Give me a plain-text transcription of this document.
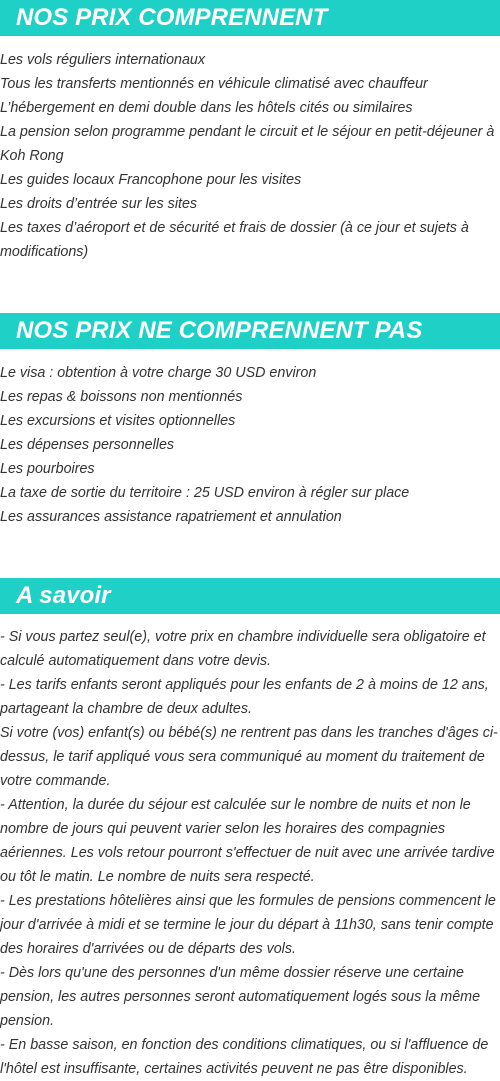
NOS PRIX COMPRENNENT

Les vols réguliers internationaux

Tous les transferts mentionnés en véhicule climatisé avec chauffeur

L’hébergement en demi double dans les hôtels cités ou similaires

La pension selon programme pendant le circuit et le séjour en petit-déjeuner à Koh Rong

Les guides locaux Francophone pour les visites

Les droits d’entrée sur les sites

Les taxes d’aéroport et de sécurité et frais de dossier (à ce jour et sujets à modifications)

NOS PRIX NE COMPRENNENT PAS

Le visa : obtention à votre charge 30 USD environ

Les repas & boissons non mentionnés

Les excursions et visites optionnelles

Les dépenses personnelles

Les pourboires

La taxe de sortie du territoire : 25 USD environ à régler sur place

Les assurances assistance rapatriement et annulation

A savoir

- Si vous partez seul(e), votre prix en chambre individuelle sera obligatoire et calculé automatiquement dans votre devis.

- Les tarifs enfants seront appliqués pour les enfants de 2 à moins de 12 ans, partageant la chambre de deux adultes.

Si votre (vos) enfant(s) ou bébé(s) ne rentrent pas dans les tranches d'âges ci-dessus, le tarif appliqué vous sera communiqué au moment du traitement de votre commande.

- Attention, la durée du séjour est calculée sur le nombre de nuits et non le nombre de jours qui peuvent varier selon les horaires des compagnies aériennes. Les vols retour pourront s'effectuer de nuit avec une arrivée tardive ou tôt le matin. Le nombre de nuits sera respecté.

- Les prestations hôtelières ainsi que les formules de pensions commencent le jour d'arrivée à midi et se termine le jour du départ à 11h30, sans tenir compte des horaires d'arrivées ou de départs des vols.

- Dès lors qu'une des personnes d'un même dossier réserve une certaine pension, les autres personnes seront automatiquement logés sous la même pension.

- En basse saison, en fonction des conditions climatiques, ou si l'affluence de l'hôtel est insuffisante, certaines activités peuvent ne pas être disponibles.
